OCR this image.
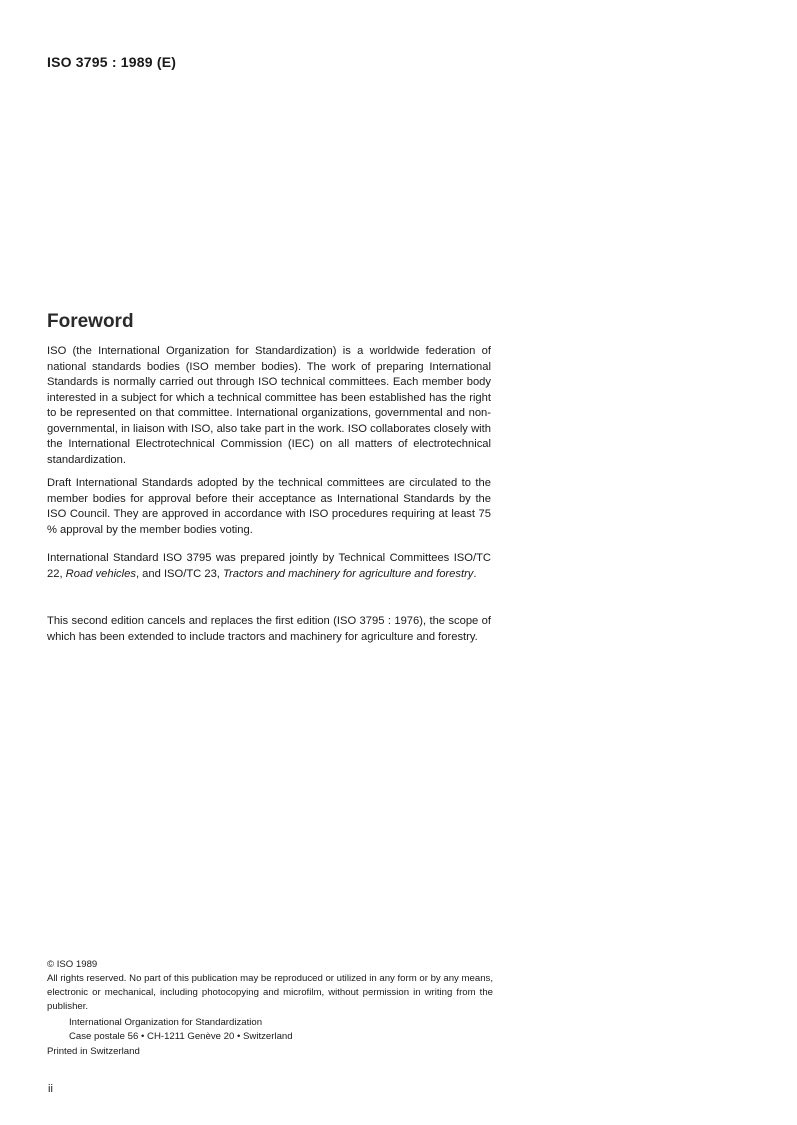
ISO 3795 : 1989 (E)
Foreword

ISO (the International Organization for Standardization) is a worldwide federation of national standards bodies (ISO member bodies). The work of preparing International Standards is normally carried out through ISO technical committees. Each member body interested in a subject for which a technical committee has been established has the right to be represented on that committee. International organizations, governmental and non-governmental, in liaison with ISO, also take part in the work. ISO collaborates closely with the International Electrotechnical Commission (IEC) on all matters of electrotechnical standardization.

Draft International Standards adopted by the technical committees are circulated to the member bodies for approval before their acceptance as International Standards by the ISO Council. They are approved in accordance with ISO procedures requiring at least 75 % approval by the member bodies voting.

International Standard ISO 3795 was prepared jointly by Technical Committees ISO/TC 22, Road vehicles, and ISO/TC 23, Tractors and machinery for agriculture and forestry.

This second edition cancels and replaces the first edition (ISO 3795 : 1976), the scope of which has been extended to include tractors and machinery for agriculture and forestry.

© ISO 1989
All rights reserved. No part of this publication may be reproduced or utilized in any form or by any means, electronic or mechanical, including photocopying and microfilm, without permission in writing from the publisher.
International Organization for Standardization
Case postale 56 • CH-1211 Genève 20 • Switzerland
Printed in Switzerland
ii
